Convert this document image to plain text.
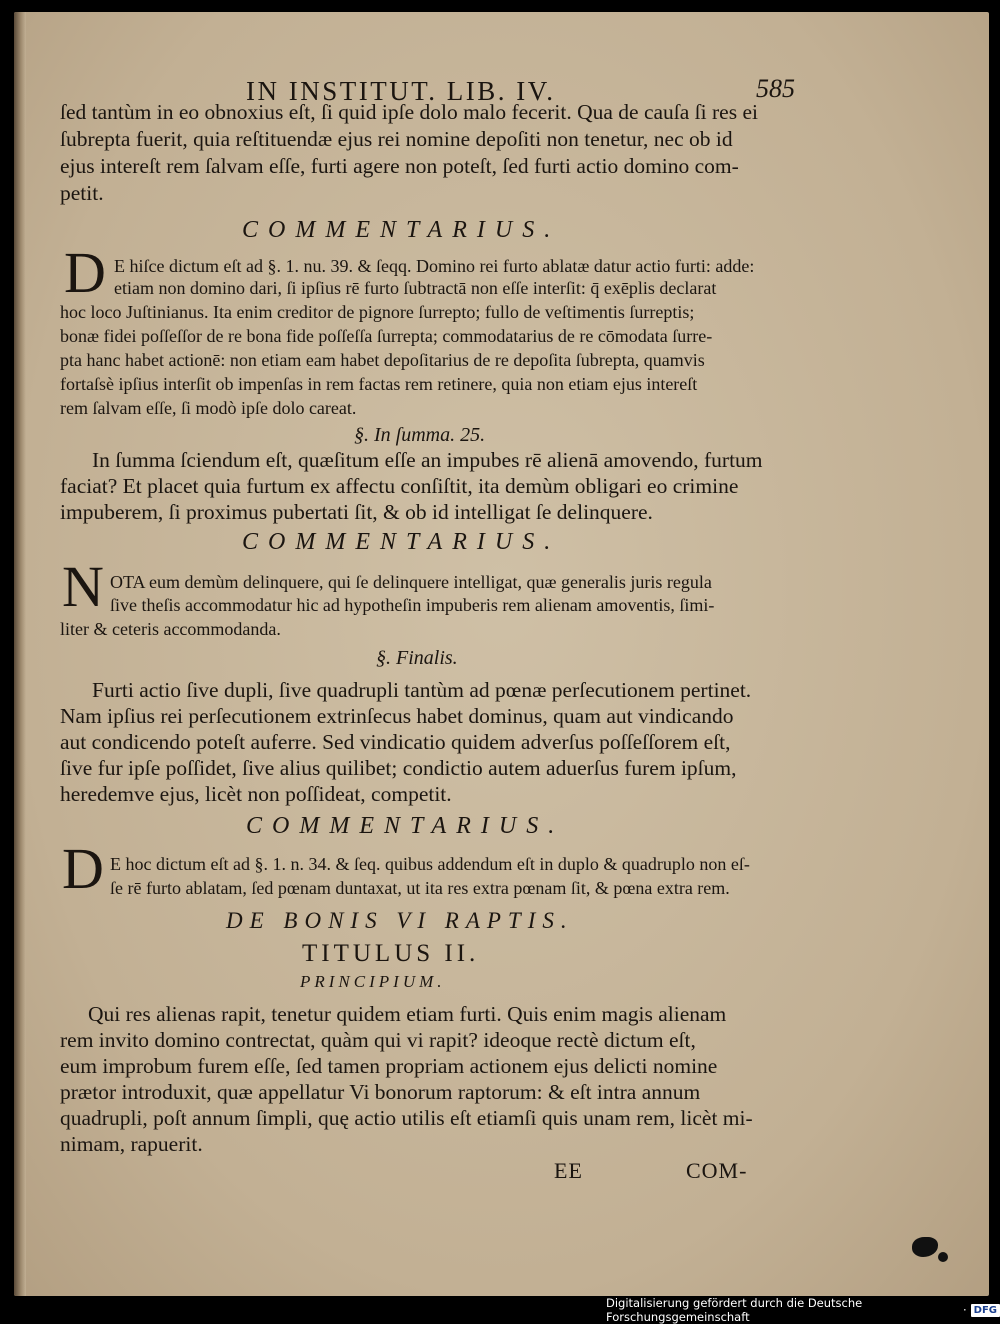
IN INSTITUT. LIB. IV.	585
ſed tantùm in eo obnoxius eſt, ſi quid ipſe dolo malo fecerit. Qua de cauſa ſi res ei
ſubrepta fuerit, quia reſtituendæ ejus rei nomine depoſiti non tenetur, nec ob id
ejus intereſt rem ſalvam eſſe, furti agere non poteſt, ſed furti actio domino com-
petit.
COMMENTARIUS.
D E hiſce dictum eſt ad §. 1. nu. 39. & ſeqq. Domino rei furto ablatæ datur actio furti: adde:
etiam non domino dari, ſi ipſius rē furto ſubtractā non eſſe interſit: q̄ exēplis declarat
hoc loco Juſtinianus. Ita enim creditor de pignore ſurrepto; fullo de veſtimentis ſurreptis;
bonæ fidei poſſeſſor de re bona fide poſſeſſa ſurrepta; commodatarius de re cōmodata ſurre-
pta hanc habet actionē: non etiam eam habet depoſitarius de re depoſita ſubrepta, quamvis
fortaſsè ipſius interſit ob impenſas in rem factas rem retinere, quia non etiam ejus intereſt
rem ſalvam eſſe, ſi modò ipſe dolo careat.
§. In ſumma. 25.
In ſumma ſciendum eſt, quæſitum eſſe an impubes rē alienā amovendo, furtum
faciat? Et placet quia furtum ex affectu conſiſtit, ita demùm obligari eo crimine
impuberem, ſi proximus pubertati ſit, & ob id intelligat ſe delinquere.
COMMENTARIUS.
N OTA eum demùm delinquere, qui ſe delinquere intelligat, quæ generalis juris regula
ſive theſis accommodatur hic ad hypotheſin impuberis rem alienam amoventis, ſimi-
liter & ceteris accommodanda.
§. Finalis.
Furti actio ſive dupli, ſive quadrupli tantùm ad pœnæ perſecutionem pertinet.
Nam ipſius rei perſecutionem extrinſecus habet dominus, quam aut vindicando
aut condicendo poteſt auferre. Sed vindicatio quidem adverſus poſſeſſorem eſt,
ſive fur ipſe poſſidet, ſive alius quilibet; condictio autem aduerſus furem ipſum,
heredemve ejus, licèt non poſſideat, competit.
COMMENTARIUS.
D E hoc dictum eſt ad §. 1. n. 34. & ſeq. quibus addendum eſt in duplo & quadruplo non eſ-
ſe rē furto ablatam, ſed pœnam duntaxat, ut ita res extra pœnam ſit, & pœna extra rem.
DE BONIS VI RAPTIS.
TITULUS II.
PRINCIPIUM.
Qui res alienas rapit, tenetur quidem etiam furti. Quis enim magis alienam
rem invito domino contrectat, quàm qui vi rapit? ideoque rectè dictum eſt,
eum improbum furem eſſe, ſed tamen propriam actionem ejus delicti nomine
prætor introduxit, quæ appellatur Vi bonorum raptorum: & eſt intra annum
quadrupli, poſt annum ſimpli, quę actio utilis eſt etiamſi quis unam rem, licèt mi-
nimam, rapuerit.
EE	COM-
Digitalisierung gefördert durch die Deutsche Forschungsgemeinschaft	· DFG
